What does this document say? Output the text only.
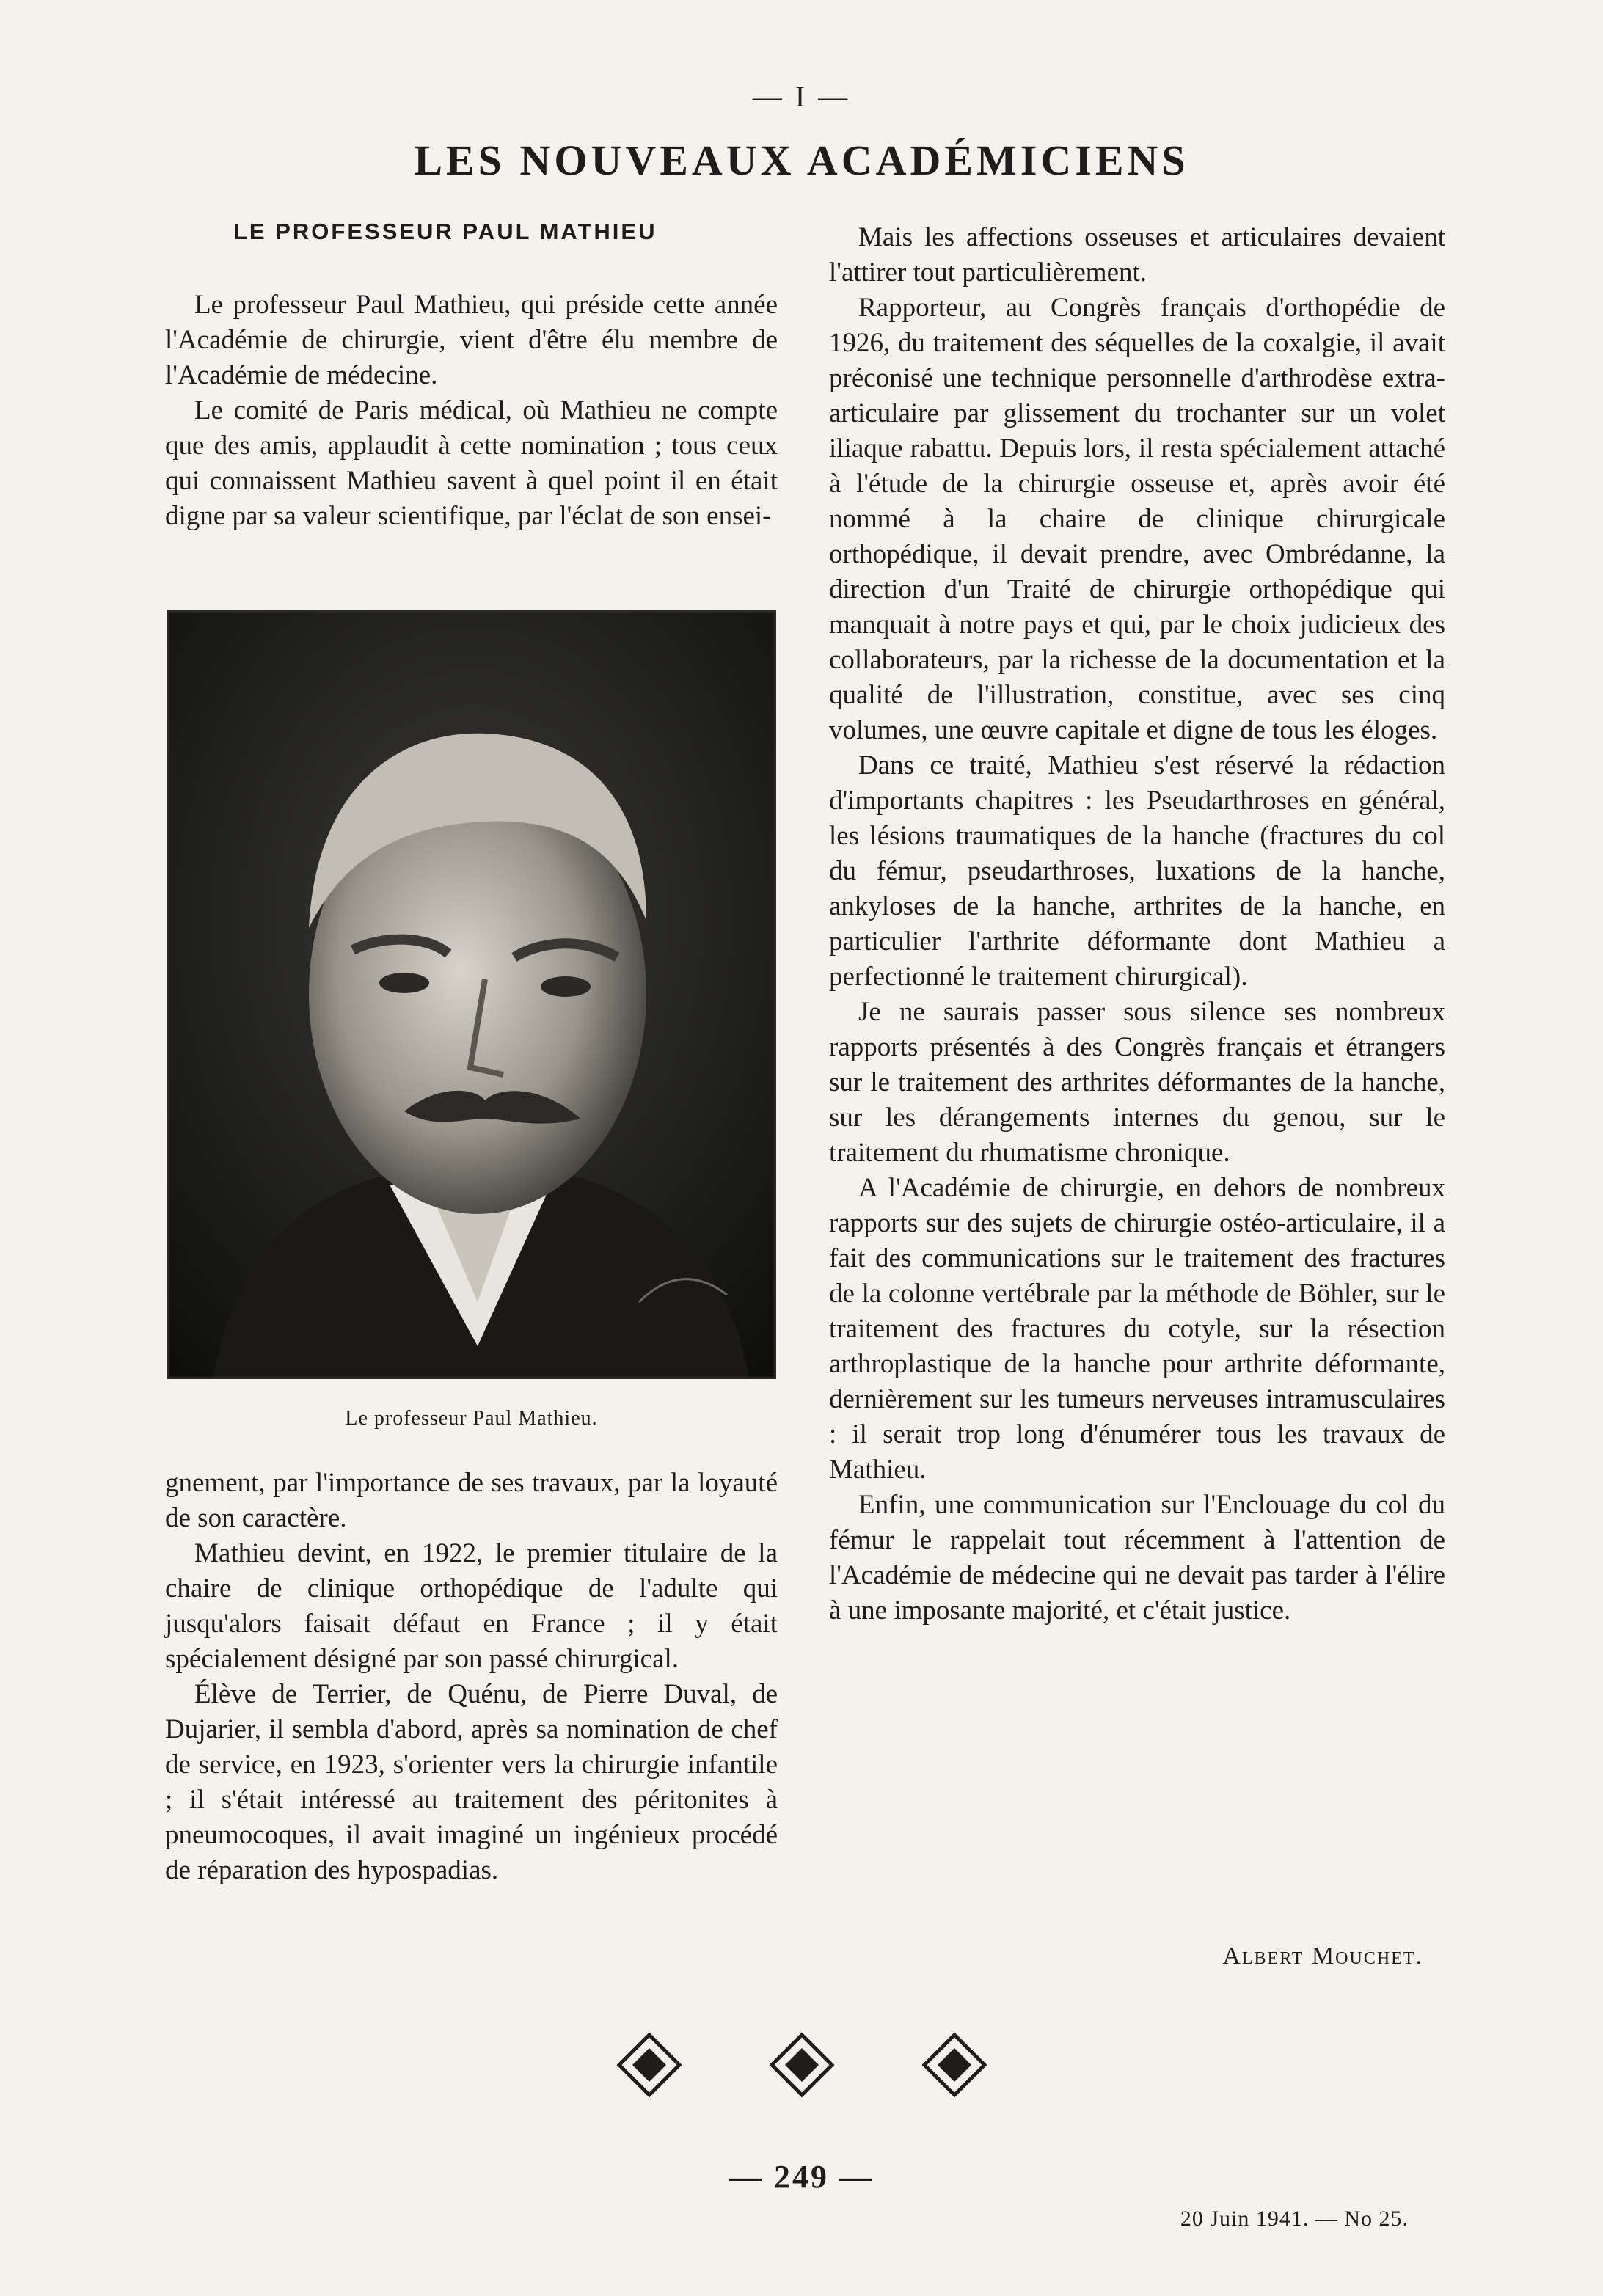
— I —
LES NOUVEAUX ACADÉMICIENS
LE PROFESSEUR PAUL MATHIEU

Le professeur Paul Mathieu, qui préside cette année l'Académie de chirurgie, vient d'être élu membre de l'Académie de médecine.

Le comité de Paris médical, où Mathieu ne compte que des amis, applaudit à cette nomination ; tous ceux qui connaissent Mathieu savent à quel point il en était digne par sa valeur scientifique, par l'éclat de son ensei-

Le professeur Paul Mathieu.

gnement, par l'importance de ses travaux, par la loyauté de son caractère.

Mathieu devint, en 1922, le premier titulaire de la chaire de clinique orthopédique de l'adulte qui jusqu'alors faisait défaut en France ; il y était spécialement désigné par son passé chirurgical.

Élève de Terrier, de Quénu, de Pierre Duval, de Dujarier, il sembla d'abord, après sa nomination de chef de service, en 1923, s'orienter vers la chirurgie infantile ; il s'était intéressé au traitement des péritonites à pneumocoques, il avait imaginé un ingénieux procédé de réparation des hypospadias.

Mais les affections osseuses et articulaires devaient l'attirer tout particulièrement.

Rapporteur, au Congrès français d'orthopédie de 1926, du traitement des séquelles de la coxalgie, il avait préconisé une technique personnelle d'arthrodèse extra-articulaire par glissement du trochanter sur un volet iliaque rabattu. Depuis lors, il resta spécialement attaché à l'étude de la chirurgie osseuse et, après avoir été nommé à la chaire de clinique chirurgicale orthopédique, il devait prendre, avec Ombrédanne, la direction d'un Traité de chirurgie orthopédique qui manquait à notre pays et qui, par le choix judicieux des collaborateurs, par la richesse de la documentation et la qualité de l'illustration, constitue, avec ses cinq volumes, une œuvre capitale et digne de tous les éloges.

Dans ce traité, Mathieu s'est réservé la rédaction d'importants chapitres : les Pseudarthroses en général, les lésions traumatiques de la hanche (fractures du col du fémur, pseudarthroses, luxations de la hanche, ankyloses de la hanche, arthrites de la hanche, en particulier l'arthrite déformante dont Mathieu a perfectionné le traitement chirurgical).

Je ne saurais passer sous silence ses nombreux rapports présentés à des Congrès français et étrangers sur le traitement des arthrites déformantes de la hanche, sur les dérangements internes du genou, sur le traitement du rhumatisme chronique.

A l'Académie de chirurgie, en dehors de nombreux rapports sur des sujets de chirurgie ostéo-articulaire, il a fait des communications sur le traitement des fractures de la colonne vertébrale par la méthode de Böhler, sur le traitement des fractures du cotyle, sur la résection arthroplastique de la hanche pour arthrite déformante, dernièrement sur les tumeurs nerveuses intramusculaires : il serait trop long d'énumérer tous les travaux de Mathieu.

Enfin, une communication sur l'Enclouage du col du fémur le rappelait tout récemment à l'attention de l'Académie de médecine qui ne devait pas tarder à l'élire à une imposante majorité, et c'était justice.

Albert Mouchet.
— 249 —
20 Juin 1941. — No 25.
